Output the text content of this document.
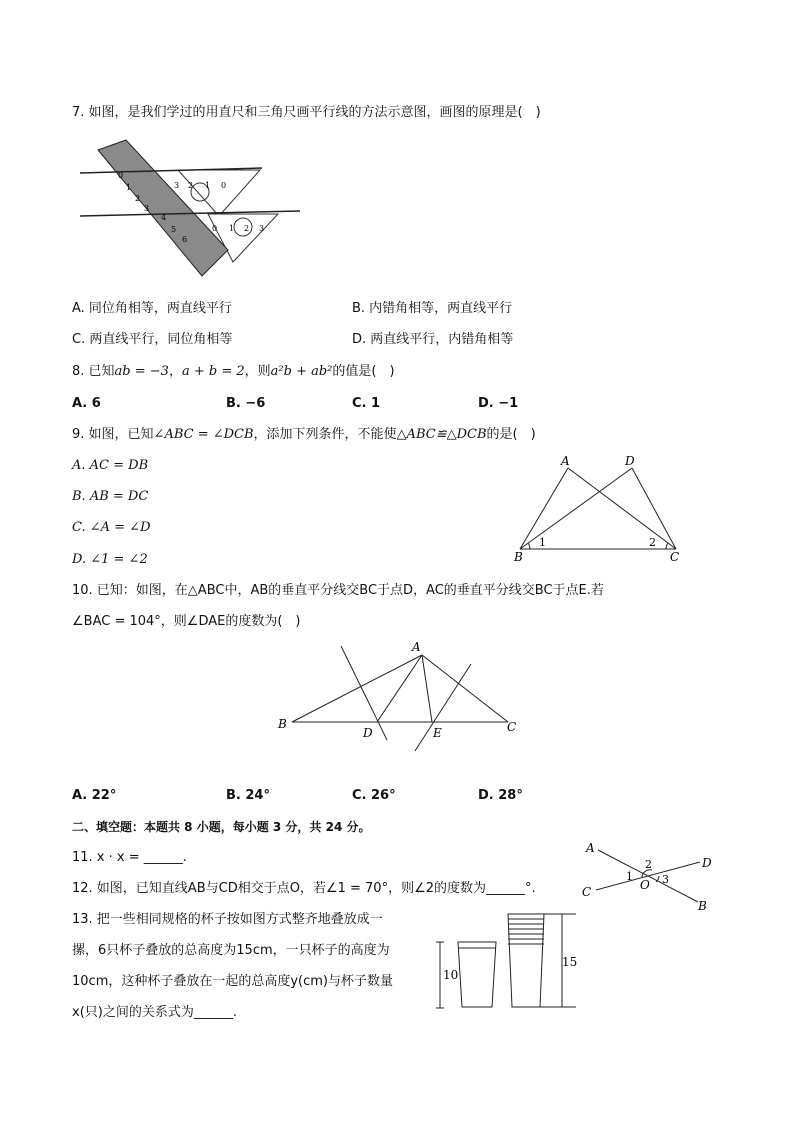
7. 如图，是我们学过的用直尺和三角尺画平行线的方法示意图，画图的原理是(　)
0
1
2
3
4
5
6
3 2 1 0
0 1 2 3
A. 同位角相等，两直线平行	B. 内错角相等，两直线平行
C. 两直线平行，同位角相等	D. 两直线平行，内错角相等
8. 已知ab = −3，a + b = 2，则a²b + ab²的值是(　)
A. 6	B. −6	C. 1	D. −1
9. 如图，已知∠ABC = ∠DCB，添加下列条件，不能使△ABC≌△DCB的是(　)
A. AC = DB
B. AB = DC
C. ∠A = ∠D
D. ∠1 = ∠2
A	D
B	C
1	2
10. 已知：如图，在△ABC中，AB的垂直平分线交BC于点D，AC的垂直平分线交BC于点E.若
∠BAC = 104°，则∠DAE的度数为(　)
A
B	C
D	E
A. 22°	B. 24°	C. 26°	D. 28°
二、填空题：本题共 8 小题，每小题 3 分，共 24 分。
11. x · x = ______.
A
D
C
B
O
1
2
3
12. 如图，已知直线AB与CD相交于点O，若∠1 = 70°，则∠2的度数为______°.
13. 把一些相同规格的杯子按如图方式整齐地叠放成一
摞，6只杯子叠放的总高度为15cm，一只杯子的高度为
10cm，这种杯子叠放在一起的总高度y(cm)与杯子数量
x(只)之间的关系式为______.
10
15
